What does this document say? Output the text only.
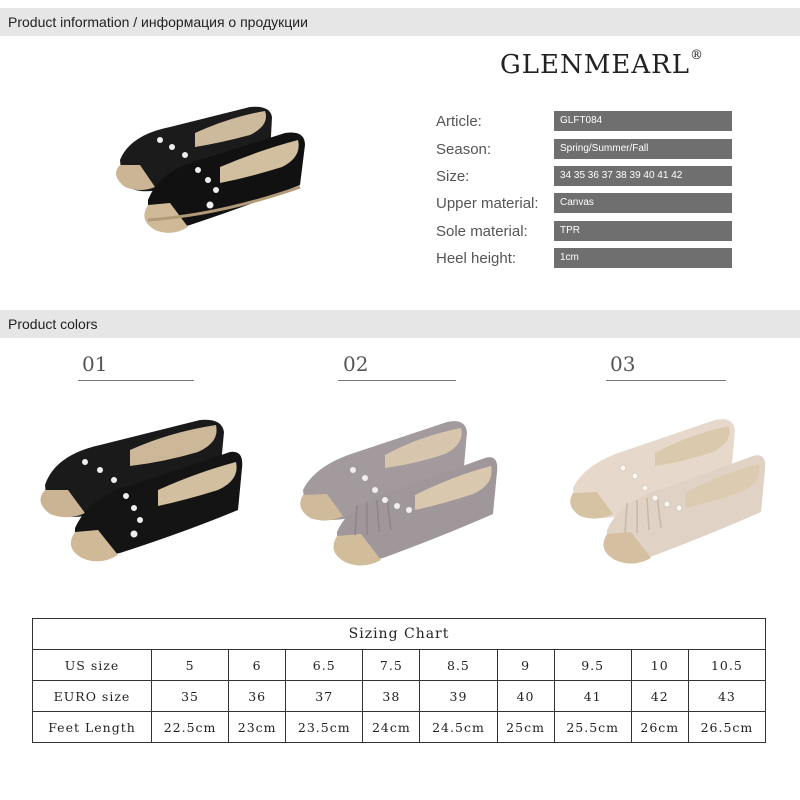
Product information / информация о продукции
GLENMEARL®
Article:	GLFT084
Season:	Spring/Summer/Fall
Size:	34 35 36 37 38 39 40 41 42
Upper material:	Canvas
Sole material:	TPR
Heel height:	1cm
Product colors
01	02	03
Sizing Chart									
US size	5	6	6.5	7.5	8.5	9	9.5	10	10.5
EURO size	35	36	37	38	39	40	41	42	43
Feet Length	22.5cm	23cm	23.5cm	24cm	24.5cm	25cm	25.5cm	26cm	26.5cm
